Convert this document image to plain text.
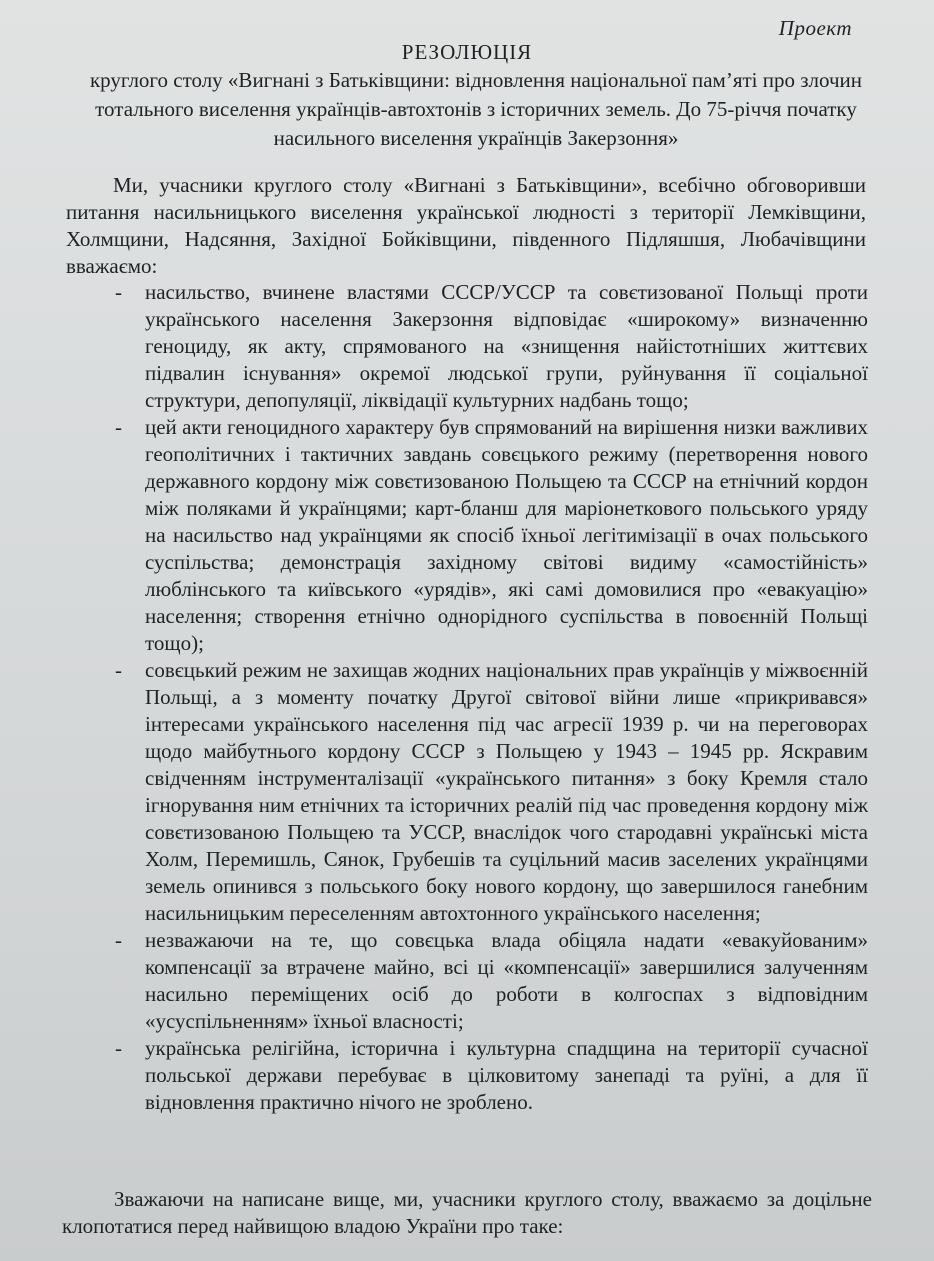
Проект
РЕЗОЛЮЦІЯ
круглого столу «Вигнані з Батьківщини: відновлення національної пам’яті про злочин тотального виселення українців-автохтонів з історичних земель. До 75-річчя початку насильного виселення українців Закерзоння»

Ми, учасники круглого столу «Вигнані з Батьківщини», всебічно обговоривши питання насильницького виселення української людності з території Лемківщини, Холмщини, Надсяння, Західної Бойківщини, південного Підляшшя, Любачівщини вважаємо:

- насильство, вчинене властями СССР/УССР та совєтизованої Польщі проти українського населення Закерзоння відповідає «широкому» визначенню геноциду, як акту, спрямованого на «знищення найістотніших життєвих підвалин існування» окремої людської групи, руйнування її соціальної структури, депопуляції, ліквідації культурних надбань тощо;
- цей акти геноцидного характеру був спрямований на вирішення низки важливих геополітичних і тактичних завдань совєцького режиму (перетворення нового державного кордону між совєтизованою Польщею та СССР на етнічний кордон між поляками й українцями; карт-бланш для маріонеткового польського уряду на насильство над українцями як спосіб їхньої легітимізації в очах польського суспільства; демонстрація західному світові видиму «самостійність» люблінського та київського «урядів», які самі домовилися про «евакуацію» населення; створення етнічно однорідного суспільства в повоєнній Польщі тощо);
- совєцький режим не захищав жодних національних прав українців у міжвоєнній Польщі, а з моменту початку Другої світової війни лише «прикривався» інтересами українського населення під час агресії 1939 р. чи на переговорах щодо майбутнього кордону СССР з Польщею у 1943 – 1945 рр. Яскравим свідченням інструменталізації «українського питання» з боку Кремля стало ігнорування ним етнічних та історичних реалій під час проведення кордону між совєтизованою Польщею та УССР, внаслідок чого стародавні українські міста Холм, Перемишль, Сянок, Грубешів та суцільний масив заселених українцями земель опинився з польського боку нового кордону, що завершилося ганебним насильницьким переселенням автохтонного українського населення;
- незважаючи на те, що совєцька влада обіцяла надати «евакуйованим» компенсації за втрачене майно, всі ці «компенсації» завершилися залученням насильно переміщених осіб до роботи в колгоспах з відповідним «усуспільненням» їхньої власності;
- українська релігійна, історична і культурна спадщина на території сучасної польської держави перебуває в цілковитому занепаді та руїні, а для її відновлення практично нічого не зроблено.

Зважаючи на написане вище, ми, учасники круглого столу, вважаємо за доцільне клопотатися перед найвищою владою України про таке:
